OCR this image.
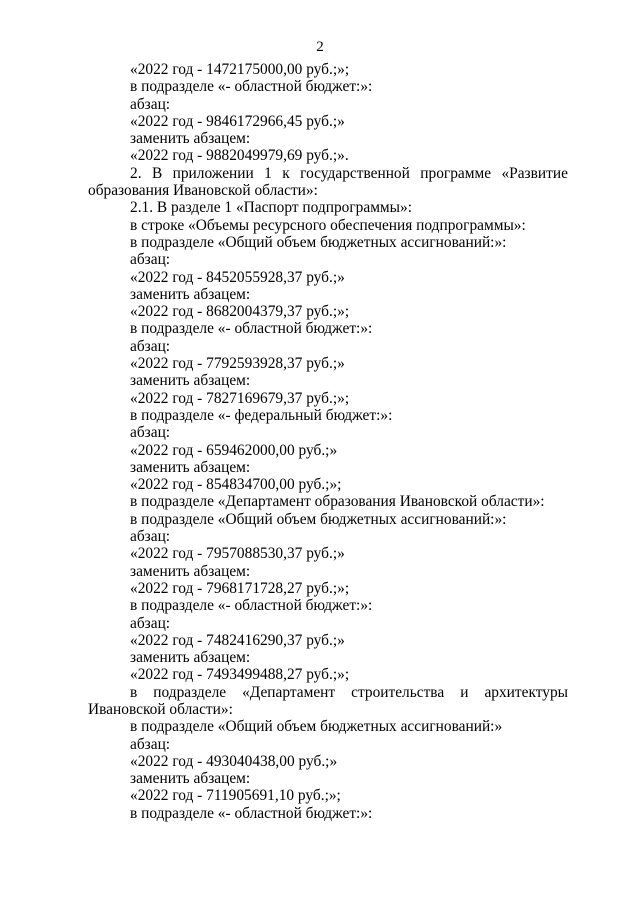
2
«2022 год - 1472175000,00 руб.;»;
в подразделе «- областной бюджет:»:
абзац:
«2022 год - 9846172966,45 руб.;»
заменить абзацем:
«2022 год - 9882049979,69 руб.;».
2. В приложении 1 к государственной программе «Развитие
образования Ивановской области»:
2.1. В разделе 1 «Паспорт подпрограммы»:
в строке «Объемы ресурсного обеспечения подпрограммы»:
в подразделе «Общий объем бюджетных ассигнований:»:
абзац:
«2022 год - 8452055928,37 руб.;»
заменить абзацем:
«2022 год - 8682004379,37 руб.;»;
в подразделе «- областной бюджет:»:
абзац:
«2022 год - 7792593928,37 руб.;»
заменить абзацем:
«2022 год - 7827169679,37 руб.;»;
в подразделе «- федеральный бюджет:»:
абзац:
«2022 год - 659462000,00 руб.;»
заменить абзацем:
«2022 год - 854834700,00 руб.;»;
в подразделе «Департамент образования Ивановской области»:
в подразделе «Общий объем бюджетных ассигнований:»:
абзац:
«2022 год - 7957088530,37 руб.;»
заменить абзацем:
«2022 год - 7968171728,27 руб.;»;
в подразделе «- областной бюджет:»:
абзац:
«2022 год - 7482416290,37 руб.;»
заменить абзацем:
«2022 год - 7493499488,27 руб.;»;
в подразделе «Департамент строительства и архитектуры
Ивановской области»:
в подразделе «Общий объем бюджетных ассигнований:»
абзац:
«2022 год - 493040438,00 руб.;»
заменить абзацем:
«2022 год - 711905691,10 руб.;»;
в подразделе «- областной бюджет:»:
